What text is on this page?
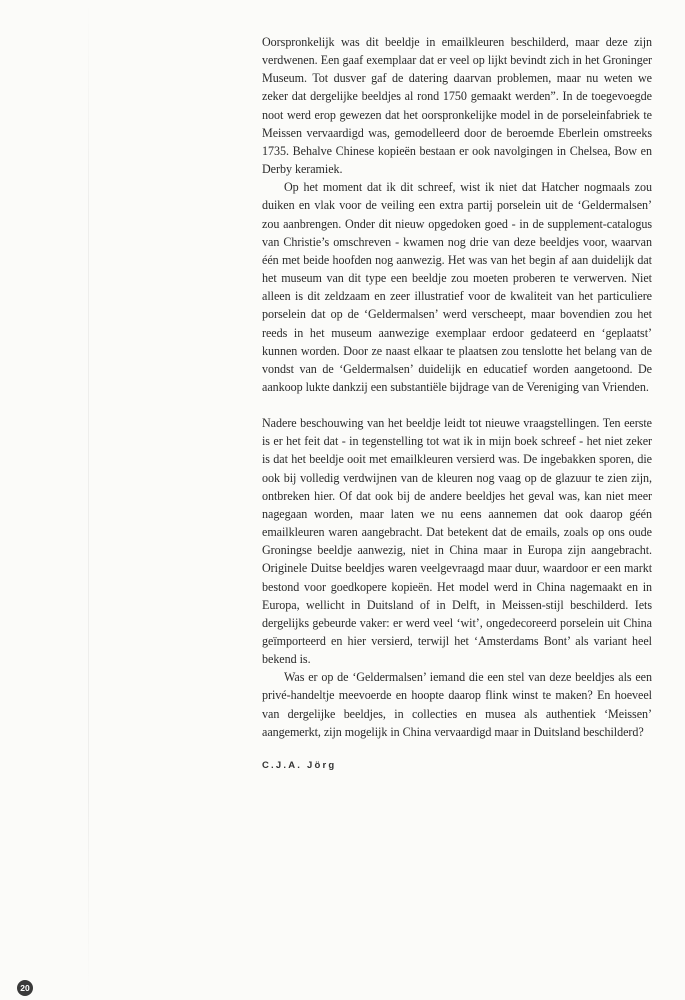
Oorspronkelijk was dit beeldje in emailkleuren beschilderd, maar deze zijn verdwenen. Een gaaf exemplaar dat er veel op lijkt bevindt zich in het Groninger Museum. Tot dusver gaf de datering daarvan problemen, maar nu weten we zeker dat dergelijke beeldjes al rond 1750 gemaakt werden”. In de toegevoegde noot werd erop gewezen dat het oorspronkelijke model in de porseleinfabriek te Meissen vervaardigd was, gemodelleerd door de beroemde Eberlein omstreeks 1735. Behalve Chinese kopieën bestaan er ook navolgingen in Chelsea, Bow en Derby keramiek.

Op het moment dat ik dit schreef, wist ik niet dat Hatcher nogmaals zou duiken en vlak voor de veiling een extra partij porselein uit de ‘Geldermalsen’ zou aanbrengen. Onder dit nieuw opgedoken goed - in de supplement-catalogus van Christie’s omschreven - kwamen nog drie van deze beeldjes voor, waarvan één met beide hoofden nog aanwezig. Het was van het begin af aan duidelijk dat het museum van dit type een beeldje zou moeten proberen te verwerven. Niet alleen is dit zeldzaam en zeer illustratief voor de kwaliteit van het particuliere porselein dat op de ‘Geldermalsen’ werd verscheept, maar bovendien zou het reeds in het museum aanwezige exemplaar erdoor gedateerd en ‘geplaatst’ kunnen worden. Door ze naast elkaar te plaatsen zou tenslotte het belang van de vondst van de ‘Geldermalsen’ duidelijk en educatief worden aangetoond. De aankoop lukte dankzij een substantiële bijdrage van de Vereniging van Vrienden.

Nadere beschouwing van het beeldje leidt tot nieuwe vraagstellingen. Ten eerste is er het feit dat - in tegenstelling tot wat ik in mijn boek schreef - het niet zeker is dat het beeldje ooit met emailkleuren versierd was. De ingebakken sporen, die ook bij volledig verdwijnen van de kleuren nog vaag op de glazuur te zien zijn, ontbreken hier. Of dat ook bij de andere beeldjes het geval was, kan niet meer nagegaan worden, maar laten we nu eens aannemen dat ook daarop géén emailkleuren waren aangebracht. Dat betekent dat de emails, zoals op ons oude Groningse beeldje aanwezig, niet in China maar in Europa zijn aangebracht. Originele Duitse beeldjes waren veelgevraagd maar duur, waardoor er een markt bestond voor goedkopere kopieën. Het model werd in China nagemaakt en in Europa, wellicht in Duitsland of in Delft, in Meissen-stijl beschilderd. Iets dergelijks gebeurde vaker: er werd veel ‘wit’, ongedecoreerd porselein uit China geïmporteerd en hier versierd, terwijl het ‘Amsterdams Bont’ als variant heel bekend is.

Was er op de ‘Geldermalsen’ iemand die een stel van deze beeldjes als een privé-handeltje meevoerde en hoopte daarop flink winst te maken? En hoeveel van dergelijke beeldjes, in collecties en musea als authentiek ‘Meissen’ aangemerkt, zijn mogelijk in China vervaardigd maar in Duitsland beschilderd?

C.J.A. Jörg
20
